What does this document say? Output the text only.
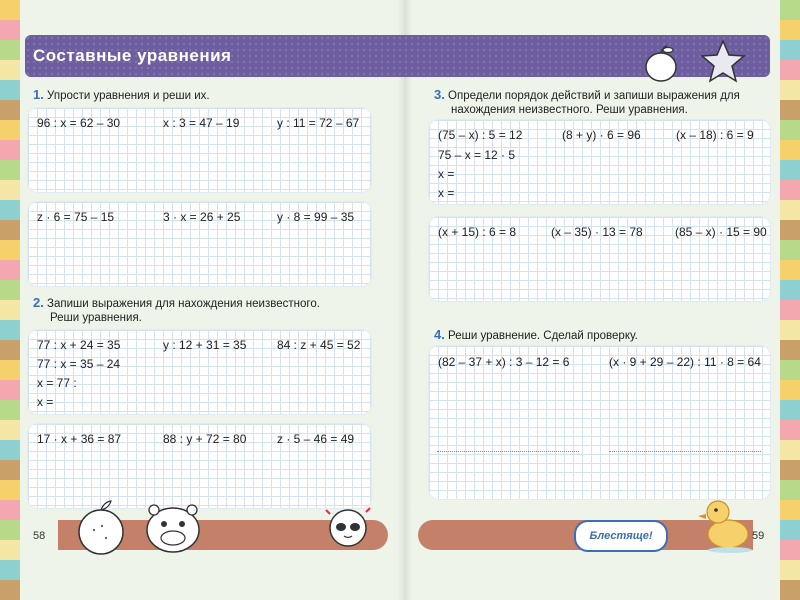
Составные уравнения
1. Упрости уравнения и реши их.
96 : x = 62 – 30	x : 3 = 47 – 19	y : 11 = 72 – 67
z · 6 = 75 – 15	3 · x = 26 + 25	y · 8 = 99 – 35
2. Запиши выражения для нахождения неизвестного.
Реши уравнения.
77 : x + 24 = 35	y : 12 + 31 = 35	84 : z + 45 = 52
77 : x = 35 – 24
x = 77 :
x =
17 · x + 36 = 87	88 : y + 72 = 80	z · 5 – 46 = 49
3. Определи порядок действий и запиши выражения для
нахождения неизвестного. Реши уравнения.
(75 – x) : 5 = 12	(8 + y) · 6 = 96	(x – 18) : 6 = 9
75 – x = 12 · 5
x =
x =
(x + 15) : 6 = 8	(x – 35) · 13 = 78	(85 – x) · 15 = 90
4. Реши уравнение. Сделай проверку.
(82 – 37 + x) : 3 – 12 = 6	(x · 9 + 29 – 22) : 11 · 8 = 64
58	59
Блестяще!
